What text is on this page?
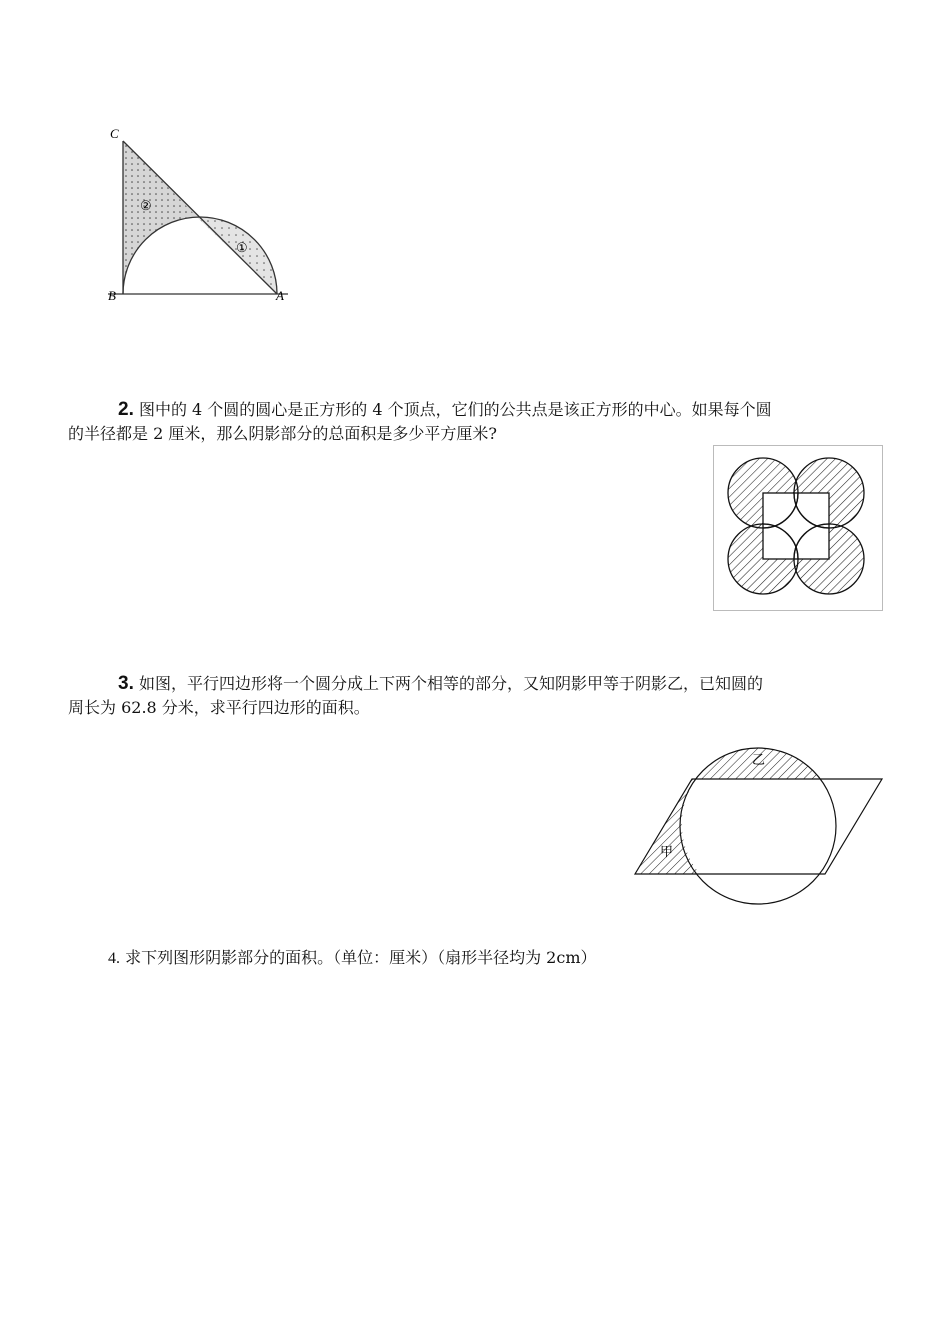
C
B	A
②
①
2. 图中的 4 个圆的圆心是正方形的 4 个顶点，它们的公共点是该正方形的中心。如果每个圆
的半径都是 2 厘米，那么阴影部分的总面积是多少平方厘米?
3. 如图，平行四边形将一个圆分成上下两个相等的部分，又知阴影甲等于阴影乙，已知圆的
周长为 62.8 分米，求平行四边形的面积。
乙
甲
4. 求下列图形阴影部分的面积。（单位：厘米）（扇形半径均为 2cm）
